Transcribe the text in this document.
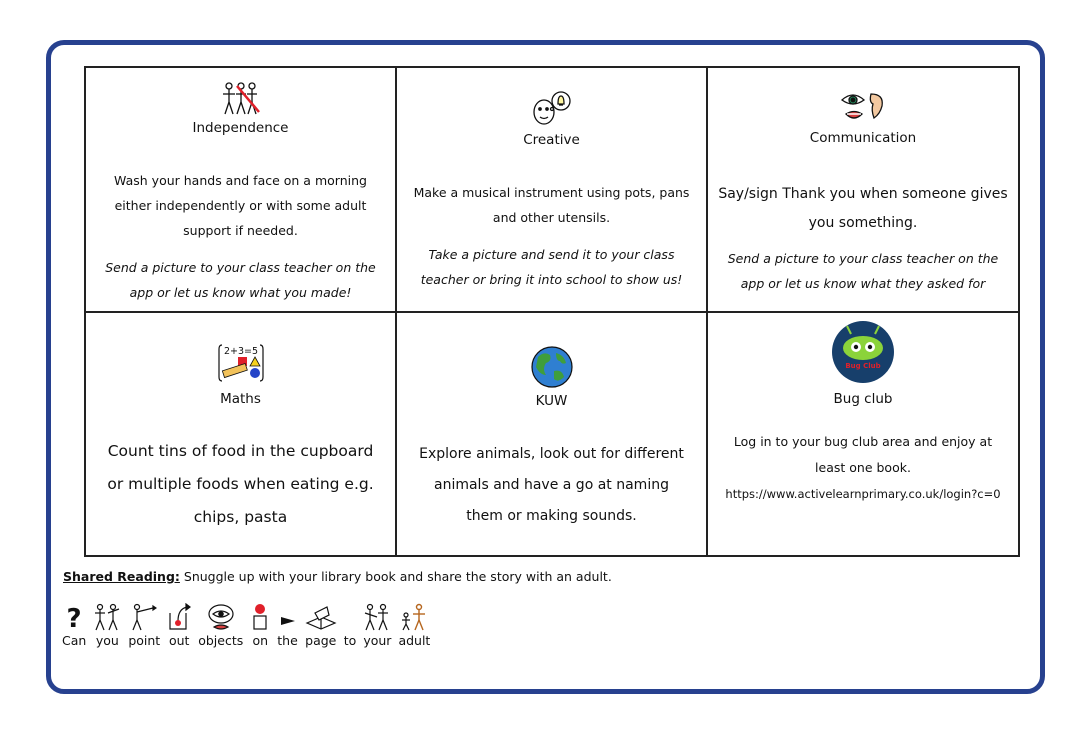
Independence

Wash your hands and face on a morning

either independently or with some adult

support if needed.

Send a picture to your class teacher on the

app or let us know what you made!

Creative

Make a musical instrument using pots, pans

and other utensils.

Take a picture and send it to your class

teacher or bring it into school to show us!

Communication

Say/sign Thank you when someone gives

you something.

Send a picture to your class teacher on the

app or let us know what they asked for

2+3=5
Maths

Count tins of food in the cupboard

or multiple foods when eating e.g.

chips, pasta

KUW

Explore animals, look out for different

animals and have a go at naming

them or making sounds.

Bug Club
Bug club

Log in to your bug club area and enjoy at

least one book.

https://www.activelearnprimary.co.uk/login?c=0

Shared Reading: Snuggle up with your library book and share the story with an adult.
?
Can you point out objects on the page to your adult
